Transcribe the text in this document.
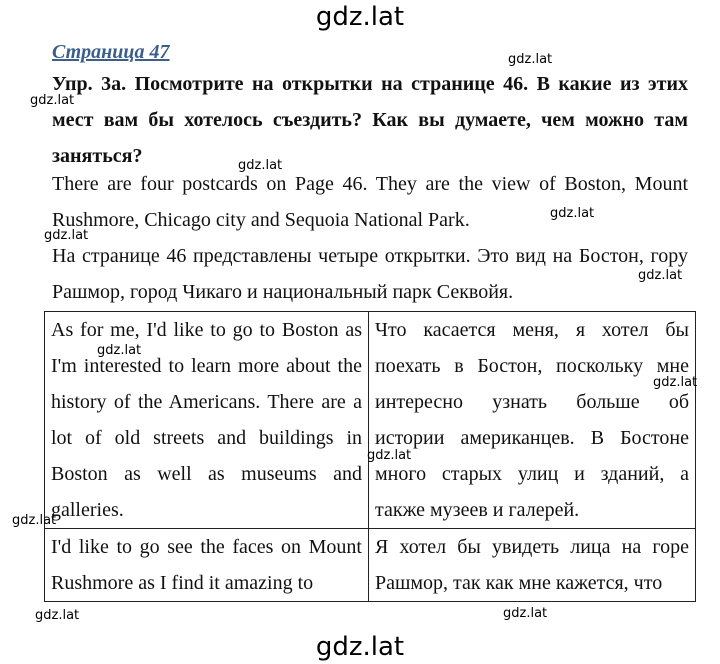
gdz.lat
Страница 47
Упр. 3а. Посмотрите на открытки на странице 46. В какие из этих мест вам бы хотелось съездить? Как вы думаете, чем можно там заняться?
There are four postcards on Page 46. They are the view of Boston, Mount Rushmore, Chicago city and Sequoia National Park.
На странице 46 представлены четыре открытки. Это вид на Бостон, гору Рашмор, город Чикаго и национальный парк Секвойя.
As for me, I'd like to go to Boston as I'm interested to learn more about the history of the Americans. There are a lot of old streets and buildings in Boston as well as museums and galleries.	Что касается меня, я хотел бы поехать в Бостон, поскольку мне интересно узнать больше об истории американцев. В Бостоне много старых улиц и зданий, а также музеев и галерей.
I'd like to go see the faces on Mount Rushmore as I find it amazing to	Я хотел бы увидеть лица на горе Рашмор, так как мне кажется, что
gdz.lat
gdz.lat
gdz.lat
gdz.lat
gdz.lat
gdz.lat
gdz.lat
gdz.lat
gdz.lat
gdz.lat
gdz.lat	gdz.lat
gdz.lat
